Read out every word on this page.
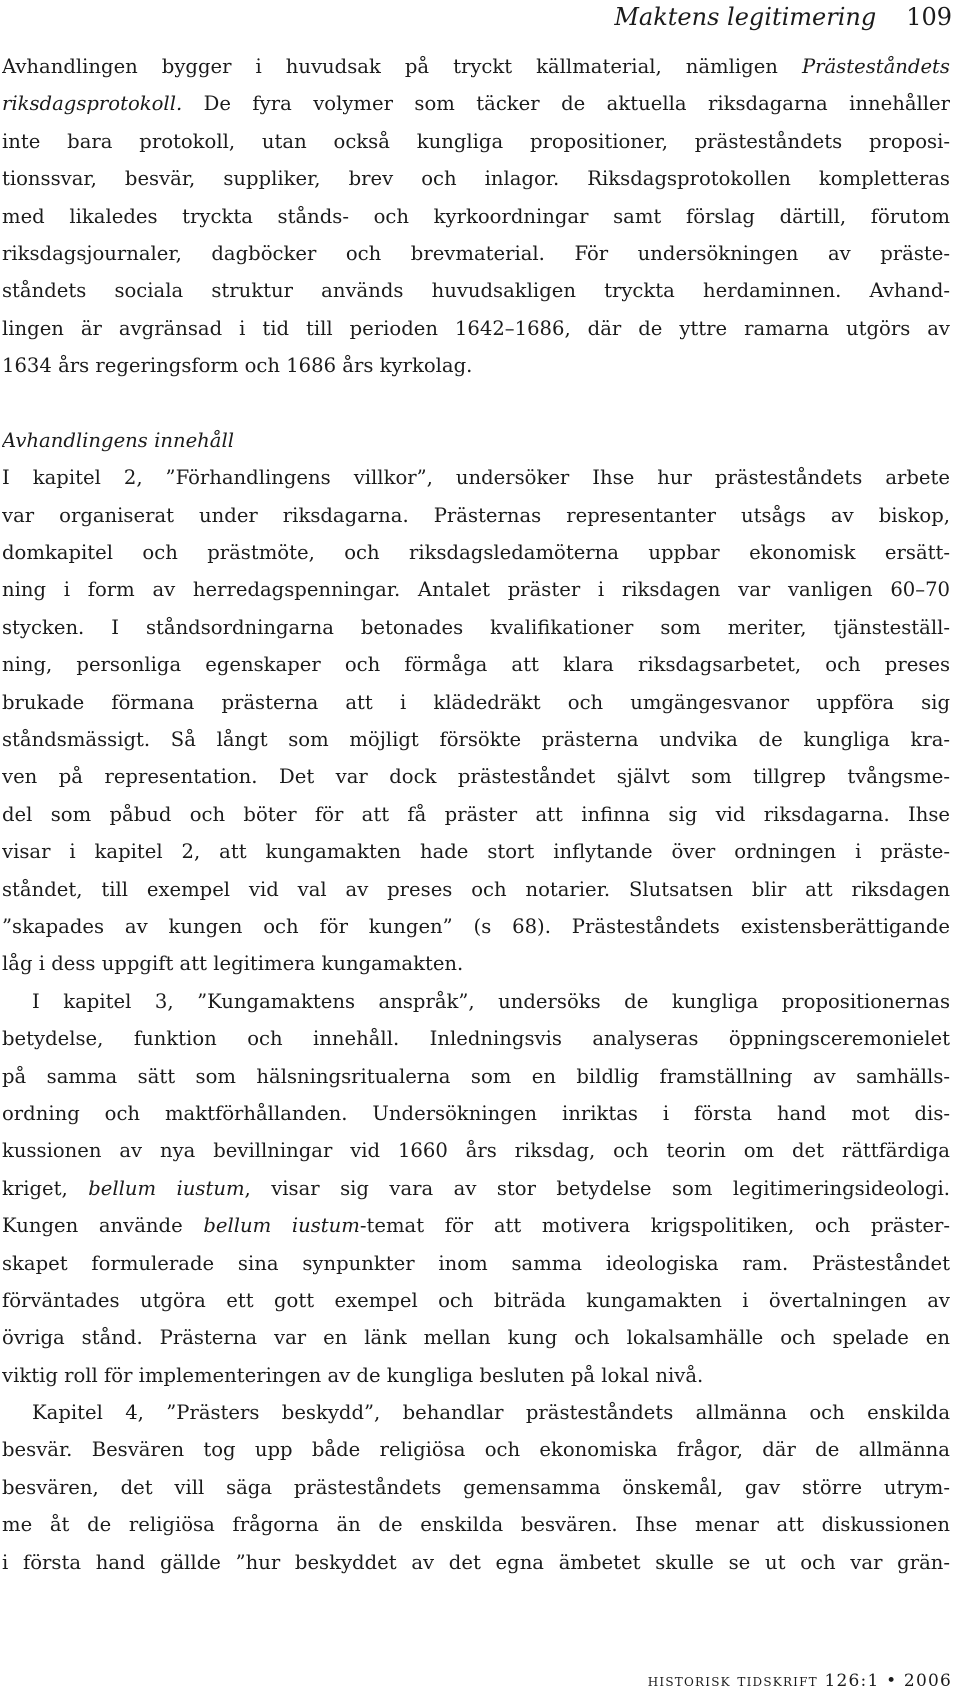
Maktens legitimering 109
Avhandlingen bygger i huvudsak på tryckt källmaterial, nämligen Prästeståndets
riksdagsprotokoll. De fyra volymer som täcker de aktuella riksdagarna innehåller
inte bara protokoll, utan också kungliga propositioner, prästeståndets proposi-
tionssvar, besvär, suppliker, brev och inlagor. Riksdagsprotokollen kompletteras
med likaledes tryckta stånds- och kyrkoordningar samt förslag därtill, förutom
riksdagsjournaler, dagböcker och brevmaterial. För undersökningen av präste-
ståndets sociala struktur används huvudsakligen tryckta herdaminnen. Avhand-
lingen är avgränsad i tid till perioden 1642–1686, där de yttre ramarna utgörs av
1634 års regeringsform och 1686 års kyrkolag.
Avhandlingens innehåll
I kapitel 2, ”Förhandlingens villkor”, undersöker Ihse hur prästeståndets arbete
var organiserat under riksdagarna. Prästernas representanter utsågs av biskop,
domkapitel och prästmöte, och riksdagsledamöterna uppbar ekonomisk ersätt-
ning i form av herredagspenningar. Antalet präster i riksdagen var vanligen 60–70
stycken. I ståndsordningarna betonades kvalifikationer som meriter, tjänsteställ-
ning, personliga egenskaper och förmåga att klara riksdagsarbetet, och preses
brukade förmana prästerna att i klädedräkt och umgängesvanor uppföra sig
ståndsmässigt. Så långt som möjligt försökte prästerna undvika de kungliga kra-
ven på representation. Det var dock prästeståndet självt som tillgrep tvångsme-
del som påbud och böter för att få präster att infinna sig vid riksdagarna. Ihse
visar i kapitel 2, att kungamakten hade stort inflytande över ordningen i präste-
ståndet, till exempel vid val av preses och notarier. Slutsatsen blir att riksdagen
”skapades av kungen och för kungen” (s 68). Prästeståndets existensberättigande
låg i dess uppgift att legitimera kungamakten.
I kapitel 3, ”Kungamaktens anspråk”, undersöks de kungliga propositionernas
betydelse, funktion och innehåll. Inledningsvis analyseras öppningsceremonielet
på samma sätt som hälsningsritualerna som en bildlig framställning av samhälls-
ordning och maktförhållanden. Undersökningen inriktas i första hand mot dis-
kussionen av nya bevillningar vid 1660 års riksdag, och teorin om det rättfärdiga
kriget, bellum iustum, visar sig vara av stor betydelse som legitimeringsideologi.
Kungen använde bellum iustum-temat för att motivera krigspolitiken, och präster-
skapet formulerade sina synpunkter inom samma ideologiska ram. Prästeståndet
förväntades utgöra ett gott exempel och biträda kungamakten i övertalningen av
övriga stånd. Prästerna var en länk mellan kung och lokalsamhälle och spelade en
viktig roll för implementeringen av de kungliga besluten på lokal nivå.
Kapitel 4, ”Prästers beskydd”, behandlar prästeståndets allmänna och enskilda
besvär. Besvären tog upp både religiösa och ekonomiska frågor, där de allmänna
besvären, det vill säga prästeståndets gemensamma önskemål, gav större utrym-
me åt de religiösa frågorna än de enskilda besvären. Ihse menar att diskussionen
i första hand gällde ”hur beskyddet av det egna ämbetet skulle se ut och var grän-
historisk tidskrift 126:1 • 2006
